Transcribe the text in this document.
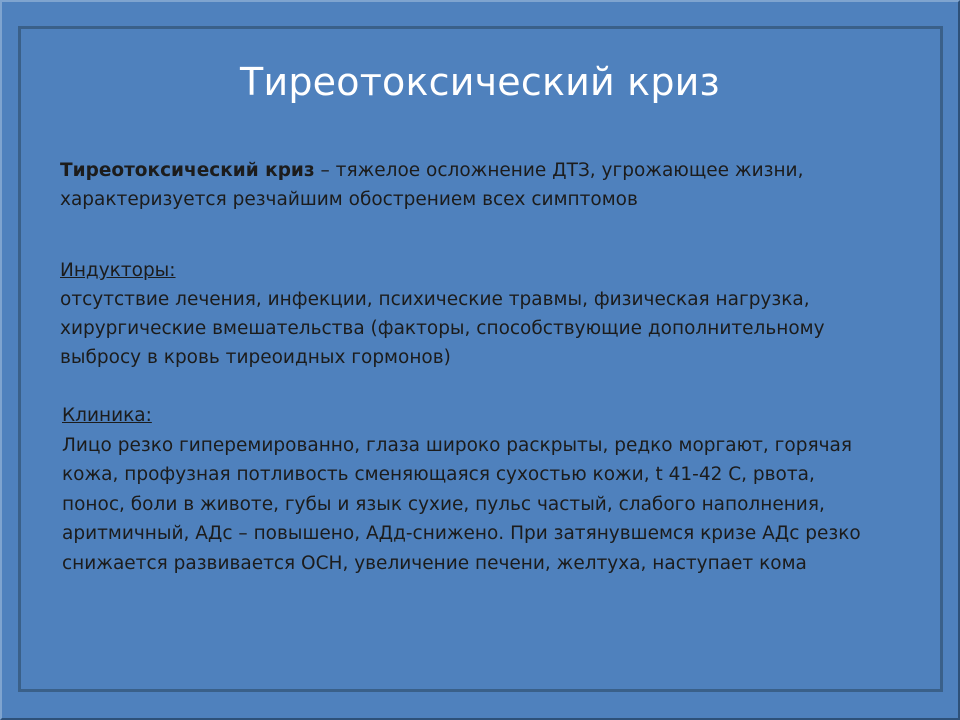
Тиреотоксический криз
Тиреотоксический криз – тяжелое осложнение ДТЗ, угрожающее жизни, характеризуется резчайшим обострением всех симптомов
Индукторы:
отсутствие лечения, инфекции, психические травмы, физическая нагрузка, хирургические вмешательства (факторы, способствующие дополнительному выбросу в кровь тиреоидных гормонов)
Клиника:
Лицо резко гиперемированно, глаза широко раскрыты, редко моргают, горячая кожа, профузная потливость сменяющаяся сухостью кожи, t 41-42 С, рвота, понос, боли в животе, губы и язык сухие, пульс частый, слабого наполнения, аритмичный, АДс – повышено, АДд-снижено. При затянувшемся кризе АДс резко снижается развивается ОСН, увеличение печени, желтуха, наступает кома
